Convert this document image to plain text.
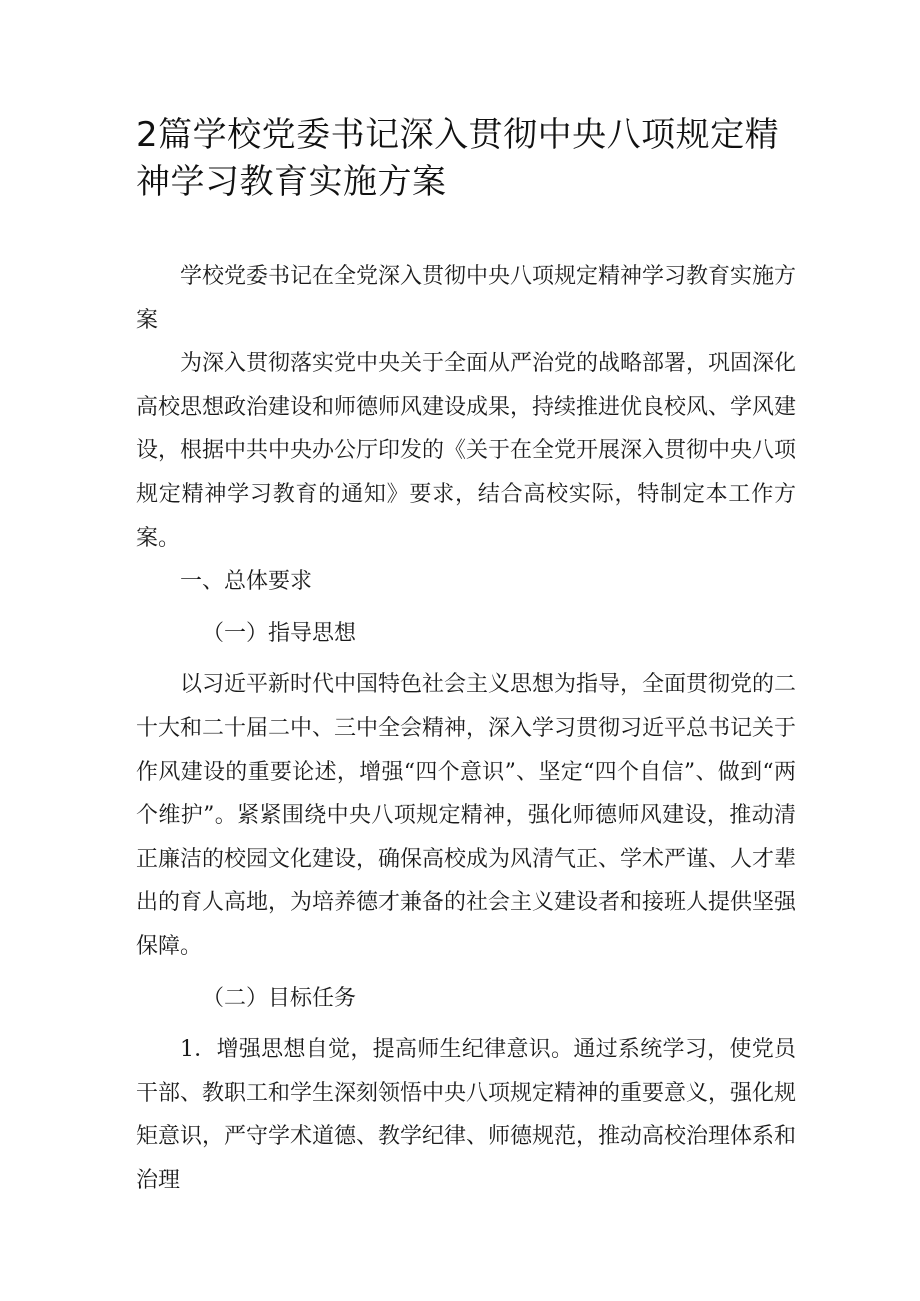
2篇学校党委书记深入贯彻中央八项规定精神学习教育实施方案

学校党委书记在全党深入贯彻中央八项规定精神学习教育实施方案

为深入贯彻落实党中央关于全面从严治党的战略部署，巩固深化高校思想政治建设和师德师风建设成果，持续推进优良校风、学风建设，根据中共中央办公厅印发的《关于在全党开展深入贯彻中央八项规定精神学习教育的通知》要求，结合高校实际，特制定本工作方案。

一、总体要求

（一）指导思想

以习近平新时代中国特色社会主义思想为指导，全面贯彻党的二十大和二十届二中、三中全会精神，深入学习贯彻习近平总书记关于作风建设的重要论述，增强“四个意识”、坚定“四个自信”、做到“两个维护”。紧紧围绕中央八项规定精神，强化师德师风建设，推动清正廉洁的校园文化建设，确保高校成为风清气正、学术严谨、人才辈出的育人高地，为培养德才兼备的社会主义建设者和接班人提供坚强保障。

（二）目标任务

1．增强思想自觉，提高师生纪律意识。通过系统学习，使党员干部、教职工和学生深刻领悟中央八项规定精神的重要意义，强化规矩意识，严守学术道德、教学纪律、师德规范，推动高校治理体系和治理
